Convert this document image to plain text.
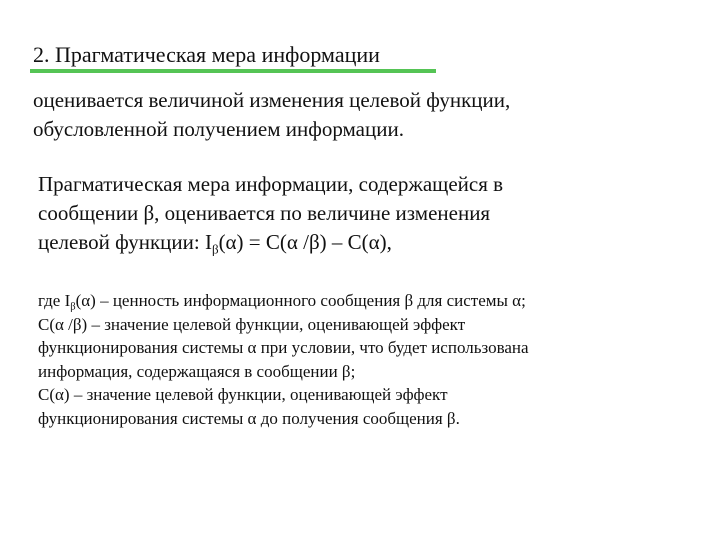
2. Прагматическая мера информации
оценивается величиной изменения целевой функции,
обусловленной получением информации.
Прагматическая мера информации, содержащейся в
сообщении β, оценивается по величине изменения
целевой функции: $I_\beta(\alpha) = C(\alpha$ /β) – C(α),
где $I_\beta(\alpha)$ – ценность информационного сообщения β для системы α;
C(α /β) – значение целевой функции, оценивающей эффект
функционирования системы α при условии, что будет использована
информация, содержащаяся в сообщении β;
C(α) – значение целевой функции, оценивающей эффект
функционирования системы α до получения сообщения β.
